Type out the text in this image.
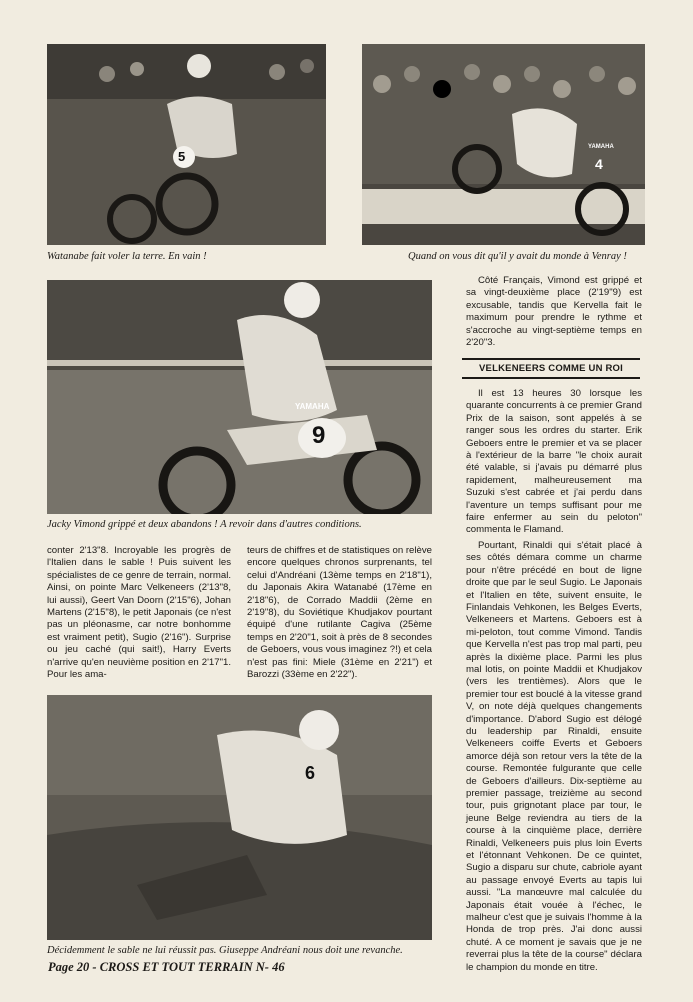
5
Watanabe fait voler la terre. En vain !
4
YAMAHA
Quand on vous dit qu'il y avait du monde à Venray !

Côté Français, Vimond est grippé et sa vingt-deuxième place (2'19"9) est excusable, tandis que Kervella fait le maximum pour prendre le rythme et s'accroche au vingt-septième temps en 2'20"3.

9
YAMAHA
Jacky Vimond grippé et deux abandons ! A revoir dans d'autres conditions.
VELKENEERS COMME UN ROI

Il est 13 heures 30 lorsque les quarante concurrents à ce premier Grand Prix de la saison, sont appelés à se ranger sous les ordres du starter. Erik Geboers entre le premier et va se placer à l'extérieur de la barre "le choix aurait été valable, si j'avais pu démarré plus rapidement, malheureusement ma Suzuki s'est cabrée et j'ai perdu dans l'aventure un temps suffisant pour me faire enfermer au sein du peloton" commenta le Flamand.

Pourtant, Rinaldi qui s'était placé à ses côtés démara comme un charme pour n'être précédé en bout de ligne droite que par le seul Sugio. Le Japonais et l'Italien en tête, suivent ensuite, le Finlandais Vehkonen, les Belges Everts, Velkeneers et Martens. Geboers est à mi-peloton, tout comme Vimond. Tandis que Kervella n'est pas trop mal parti, peu après la dixième place. Parmi les plus mal lotis, on pointe Maddii et Khudjakov (vers les trentièmes). Alors que le premier tour est bouclé à la vitesse grand V, on note déjà quelques changements d'importance. D'abord Sugio est délogé du leadership par Rinaldi, ensuite Velkeneers coiffe Everts et Geboers amorce déjà son retour vers la tête de la course. Remontée fulgurante que celle de Geboers d'ailleurs. Dix-septième au premier passage, treizième au second tour, puis grignotant place par tour, le jeune Belge reviendra au tiers de la course à la cinquième place, derrière Rinaldi, Velkeneers puis plus loin Everts et l'étonnant Vehkonen. De ce quintet, Sugio a disparu sur chute, cabriole ayant au passage envoyé Everts au tapis lui aussi. "La manœuvre mal calculée du Japonais était vouée à l'échec, le malheur c'est que je suivais l'homme à la Honda de trop près. J'ai donc aussi chuté. A ce moment je savais que je ne reverrai plus la tête de la course" déclara le champion du monde en titre.

conter 2'13"8. Incroyable les progrès de l'Italien dans le sable ! Puis suivent les spécialistes de ce genre de terrain, normal. Ainsi, on pointe Marc Velkeneers (2'13"8, lui aussi), Geert Van Doorn (2'15"6), Johan Martens (2'15"8), le petit Japonais (ce n'est pas un pléonasme, car notre bonhomme est vraiment petit), Sugio (2'16"). Surprise ou jeu caché (qui sait!), Harry Everts n'arrive qu'en neuvième position en 2'17"1. Pour les ama-

teurs de chiffres et de statistiques on relève encore quelques chronos surprenants, tel celui d'Andréani (13ème temps en 2'18"1), du Japonais Akira Watanabé (17ème en 2'18"6), de Corrado Maddii (2ème en 2'19"8), du Soviétique Khudjakov pourtant équipé d'une rutilante Cagiva (25ème temps en 2'20"1, soit à près de 8 secondes de Geboers, vous vous imaginez ?!) et cela n'est pas fini: Miele (31ème en 2'21") et Barozzi (33ème en 2'22").

6
Décidemment le sable ne lui réussit pas. Giuseppe Andréani nous doit une revanche.
Page 20 - CROSS ET TOUT TERRAIN N- 46
